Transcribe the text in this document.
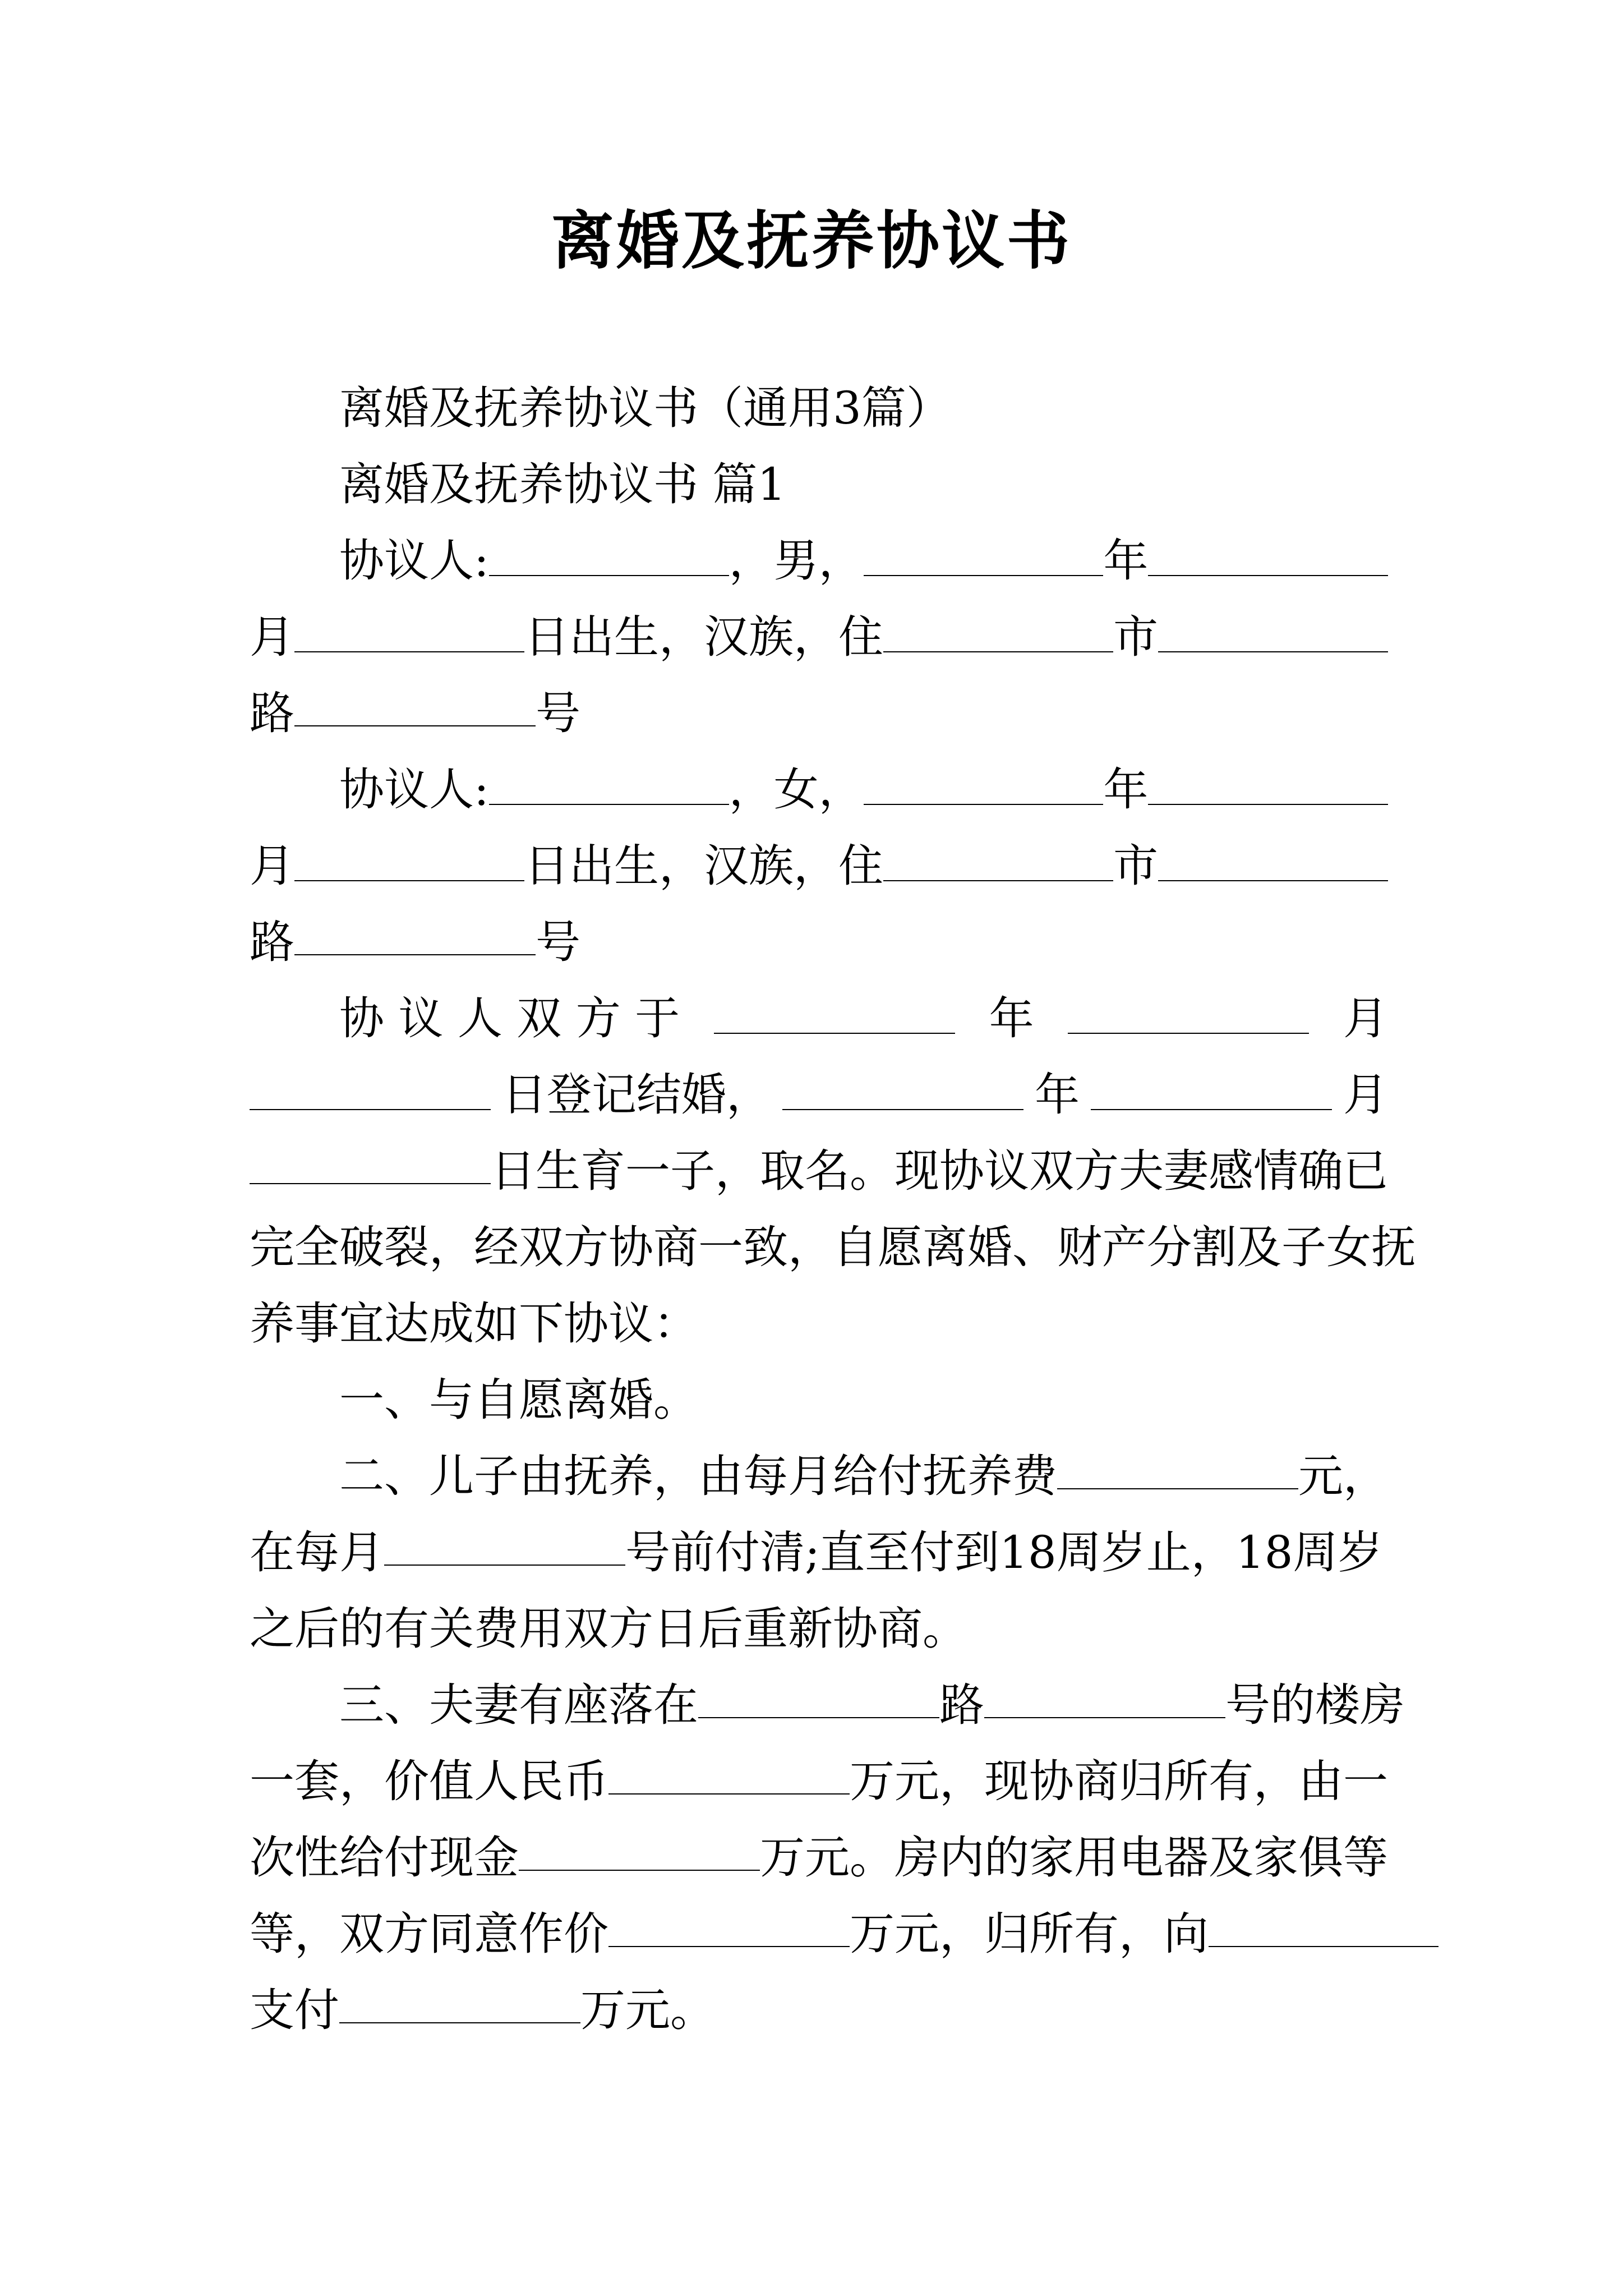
离婚及抚养协议书
离婚及抚养协议书（通用3篇）
离婚及抚养协议书 篇1
协议人:	，男，	年
月	日出生，汉族，住	市
路	号
协议人:	，女，	年
月	日出生，汉族，住	市
路	号
协 议 人 双 方 于	年	月
日登记结婚，	年	月
日生育一子，取名。现协议双方夫妻感情确已
完全破裂，经双方协商一致，自愿离婚、财产分割及子女抚
养事宜达成如下协议：
一、与自愿离婚。
二、儿子由抚养，由每月给付抚养费	元，
在每月	号前付清;直至付到18周岁止，18周岁
之后的有关费用双方日后重新协商。
三、夫妻有座落在	路	号的楼房
一套，价值人民币	万元，现协商归所有，由一
次性给付现金	万元。房内的家用电器及家俱等
等，双方同意作价	万元，归所有，向
支付	万元。
